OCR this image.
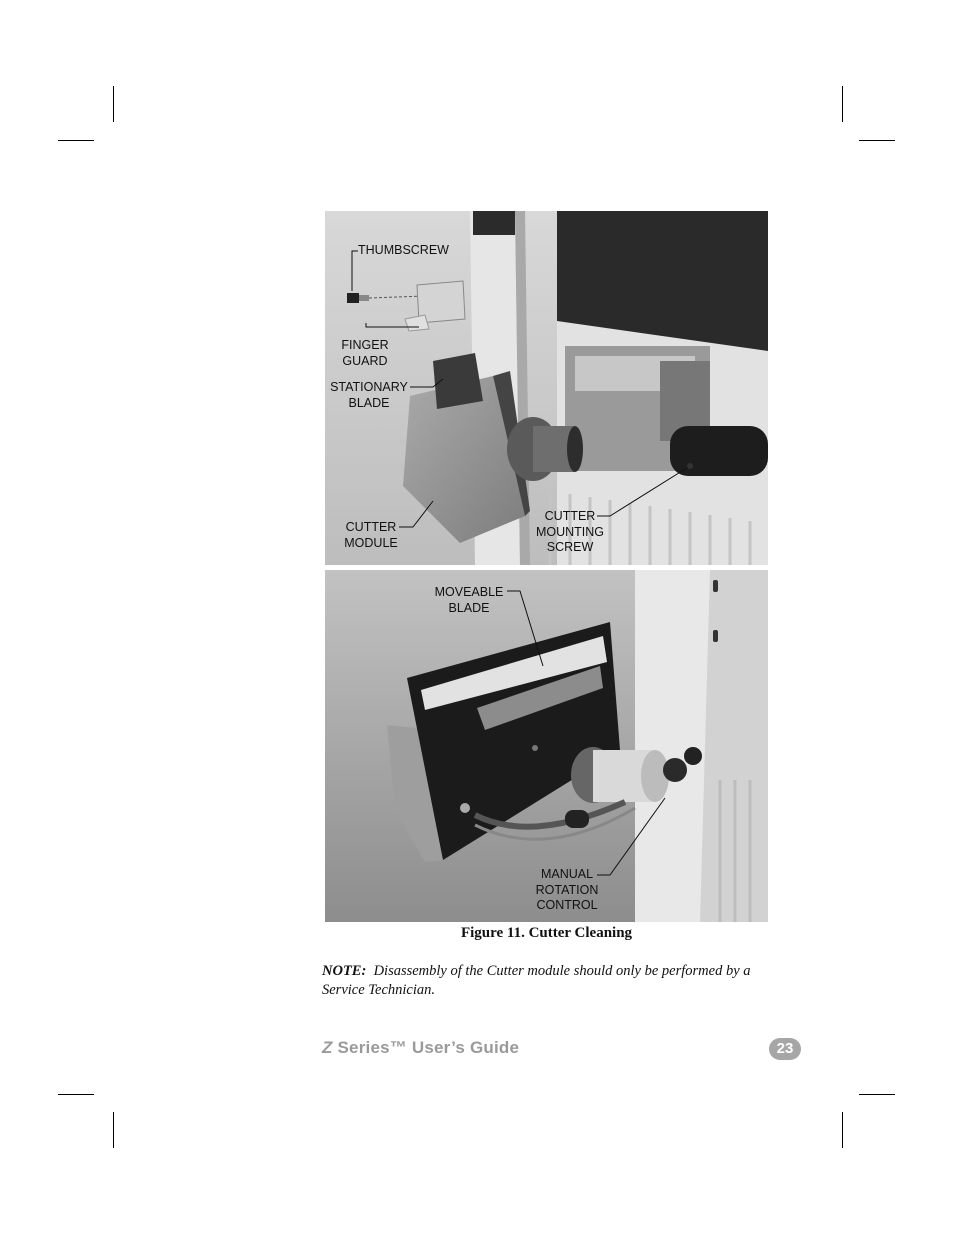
THUMBSCREW
FINGER
GUARD
STATIONARY
BLADE
CUTTER
MODULE
CUTTER
MOUNTING
SCREW
MOVEABLE
BLADE
MANUAL
ROTATION
CONTROL
Figure 11. Cutter Cleaning
NOTE: Disassembly of the Cutter module should only be performed by a Service Technician.
Z Series™ User’s Guide	23
